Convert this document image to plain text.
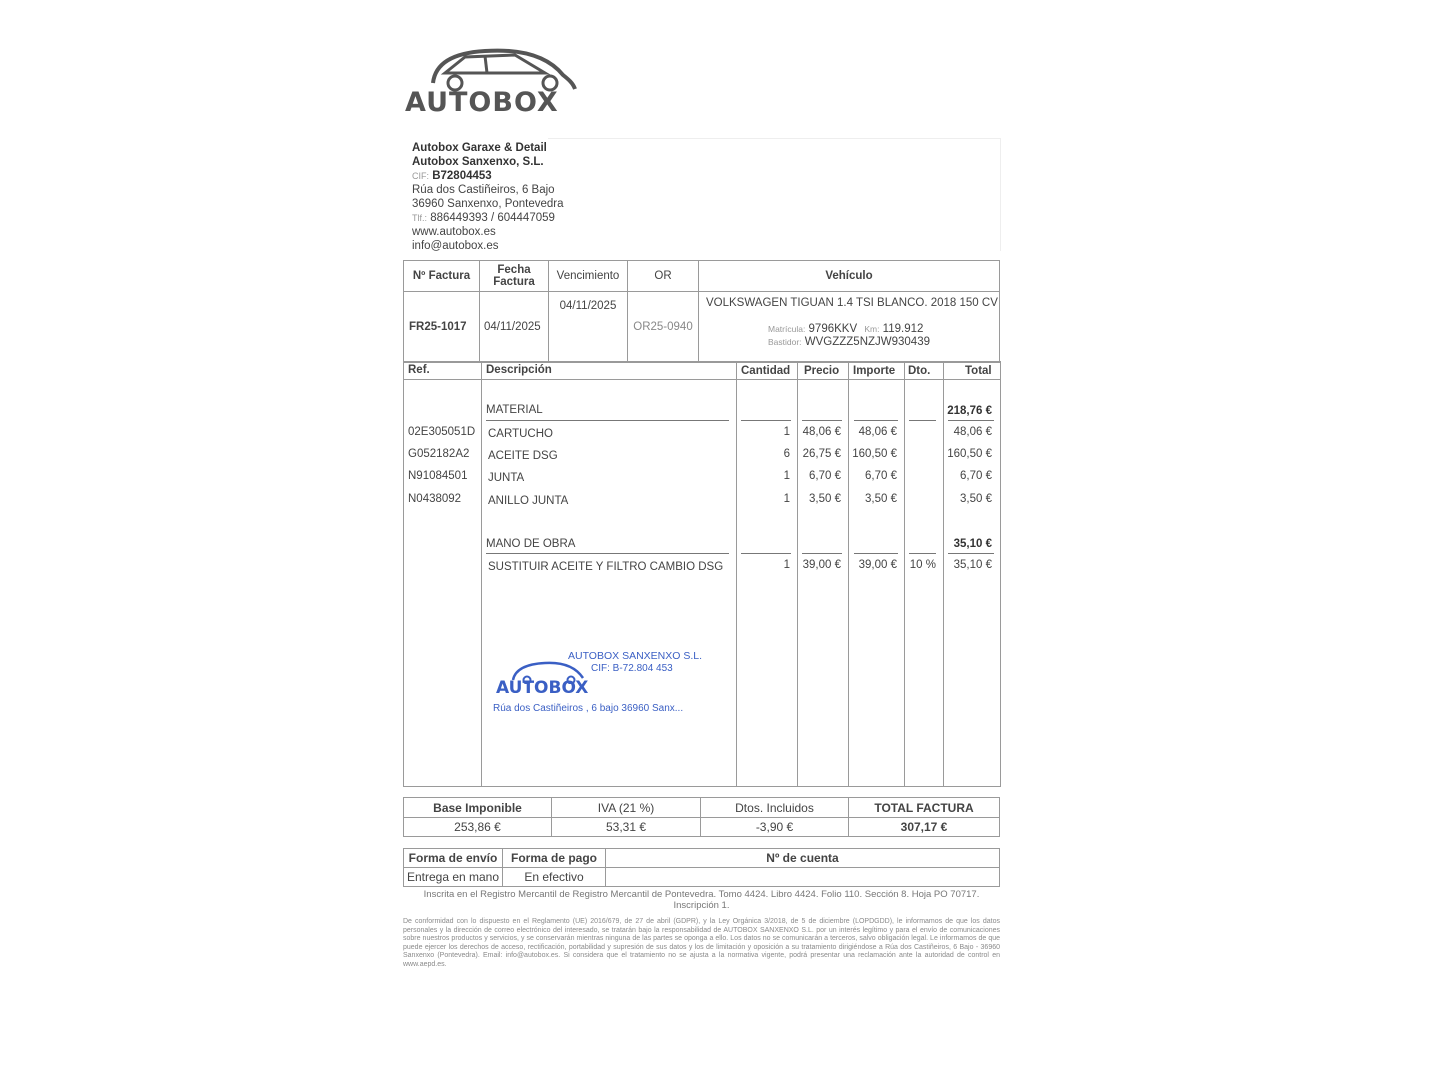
AUTOBOX
Autobox Garaxe & Detail
Autobox Sanxenxo, S.L.
CIF: B72804453
Rúa dos Castiñeiros, 6 Bajo
36960 Sanxenxo, Pontevedra
Tlf.: 886449393 / 604447059
www.autobox.es
info@autobox.es
Nº Factura	Fecha Factura	Vencimiento	OR	Vehículo
FR25-1017	04/11/2025	04/11/2025	OR25-0940	VOLKSWAGEN TIGUAN 1.4 TSI BLANCO. 2018 150 CV
Matrícula: 9796KKV Km: 119.912
Bastidor: WVGZZZ5NZJW930439
Ref.	Descripción	Cantidad Precio Importe Dto.	Total
MATERIAL	218,76 €
02E305051D CARTUCHO	1 48,06 € 48,06 €	48,06 €
G052182A2 ACEITE DSG	6 26,75 € 160,50 €	160,50 €
N91084501 JUNTA	1 6,70 € 6,70 €	6,70 €
N0438092 ANILLO JUNTA	1 3,50 € 3,50 €	3,50 €
MANO DE OBRA	35,10 €
SUSTITUIR ACEITE Y FILTRO CAMBIO DSG	1 39,00 € 39,00 € 10 % 35,10 €
AUTOBOX SANXENXO S.L.
CIF: B-72.804 453
AUTOBOX
Rúa dos Castiñeiros , 6 bajo 36960 Sanx...
Base Imponible	IVA (21 %)	Dtos. Incluidos	TOTAL FACTURA
253,86 €	53,31 €	-3,90 €	307,17 €
Forma de envío	Forma de pago	Nº de cuenta
Entrega en mano	En efectivo	
Inscrita en el Registro Mercantil de Registro Mercantil de Pontevedra. Tomo 4424. Libro 4424. Folio 110. Sección 8. Hoja PO 70717. Inscripción 1.
De conformidad con lo dispuesto en el Reglamento (UE) 2016/679, de 27 de abril (GDPR), y la Ley Orgánica 3/2018, de 5 de diciembre (LOPDGDD), le informamos de que los datos personales y la dirección de correo electrónico del interesado, se tratarán bajo la responsabilidad de AUTOBOX SANXENXO S.L. por un interés legítimo y para el envío de comunicaciones sobre nuestros productos y servicios, y se conservarán mientras ninguna de las partes se oponga a ello. Los datos no se comunicarán a terceros, salvo obligación legal. Le informamos de que puede ejercer los derechos de acceso, rectificación, portabilidad y supresión de sus datos y los de limitación y oposición a su tratamiento dirigiéndose a Rúa dos Castiñeiros, 6 Bajo - 36960 Sanxenxo (Pontevedra). Email: info@autobox.es. Si considera que el tratamiento no se ajusta a la normativa vigente, podrá presentar una reclamación ante la autoridad de control en www.aepd.es.
